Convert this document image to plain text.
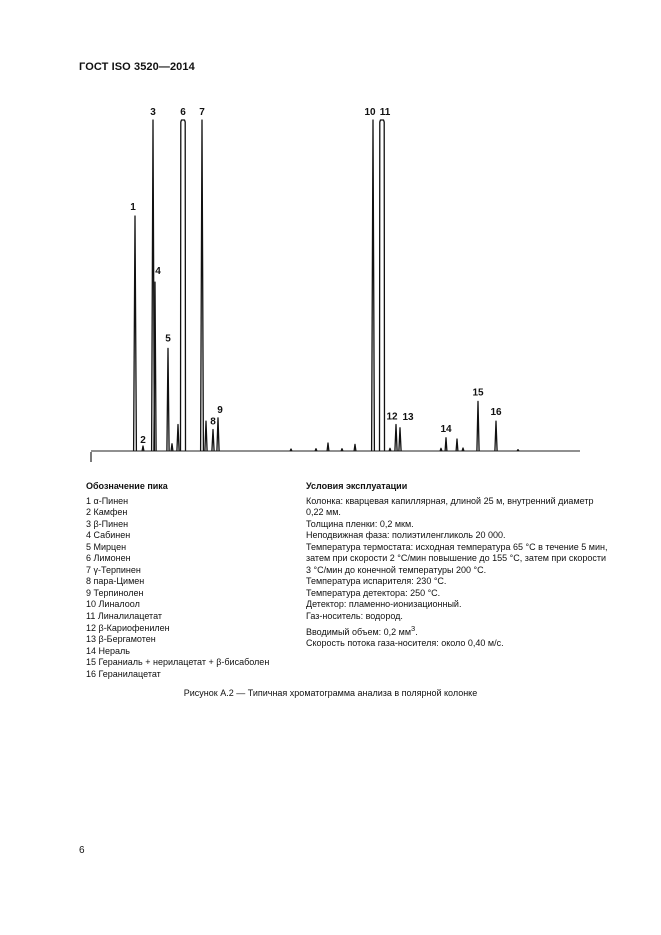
ГОСТ ISO 3520—2014
1
2
3
4
5
6 7
8
9
10 11
12 13
14
15
16
Обозначение пика
1 α-Пинен
2 Камфен
3 β-Пинен
4 Сабинен
5 Мирцен
6 Лимонен
7 γ-Терпинен
8 пара-Цимен
9 Терпинолен
10 Линалоол
11 Линалилацетат
12 β-Кариофенилен
13 β-Бергамотен
14 Нераль
15 Гераниаль + нерилацетат + β-бисаболен
16 Геранилацетат
Условия эксплуатации

Колонка: кварцевая капиллярная, длиной 25 м, внутренний диаметр 0,22 мм.

Толщина пленки: 0,2 мкм.

Неподвижная фаза: полиэтиленгликоль 20 000.

Температура термостата: исходная температура 65 °С в течение 5 мин, затем при скорости 2 °С/мин повышение до 155 °С, затем при скорости 3 °С/мин до конечной температуры 200 °С.

Температура испарителя: 230 °С.

Температура детектора: 250 °С.

Детектор: пламенно-ионизационный.

Газ-носитель: водород.

Вводимый объем: 0,2 $мм^3$.

Скорость потока газа-носителя: около 0,40 м/с.

Рисунок А.2 — Типичная хроматограмма анализа в полярной колонке
6
